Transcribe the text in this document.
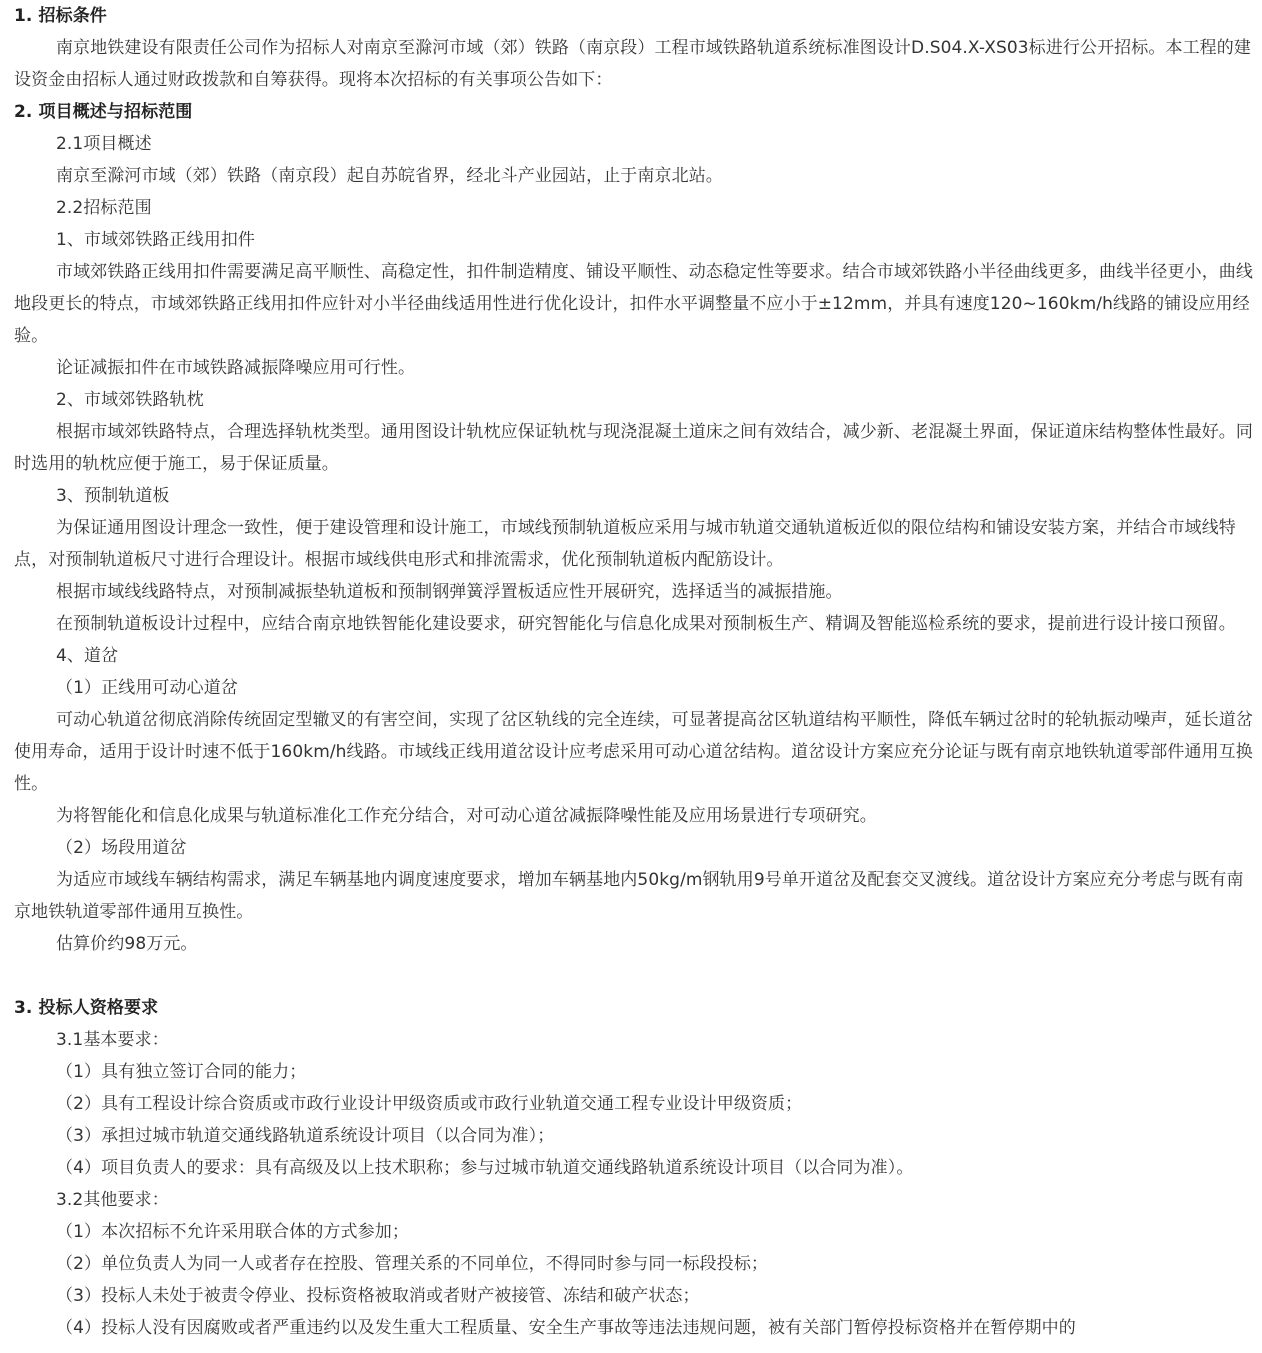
1. 招标条件

南京地铁建设有限责任公司作为招标人对南京至滁河市域（郊）铁路（南京段）工程市域铁路轨道系统标准图设计D.S04.X-XS03标进行公开招标。本工程的建设资金由招标人通过财政拨款和自筹获得。现将本次招标的有关事项公告如下：

2. 项目概述与招标范围

2.1项目概述

南京至滁河市域（郊）铁路（南京段）起自苏皖省界，经北斗产业园站，止于南京北站。

2.2招标范围

1、市域郊铁路正线用扣件

市域郊铁路正线用扣件需要满足高平顺性、高稳定性，扣件制造精度、铺设平顺性、动态稳定性等要求。结合市域郊铁路小半径曲线更多，曲线半径更小，曲线地段更长的特点，市域郊铁路正线用扣件应针对小半径曲线适用性进行优化设计，扣件水平调整量不应小于±12mm，并具有速度120~160km/h线路的铺设应用经验。

论证减振扣件在市域铁路减振降噪应用可行性。

2、市域郊铁路轨枕

根据市域郊铁路特点，合理选择轨枕类型。通用图设计轨枕应保证轨枕与现浇混凝土道床之间有效结合，减少新、老混凝土界面，保证道床结构整体性最好。同时选用的轨枕应便于施工，易于保证质量。

3、预制轨道板

为保证通用图设计理念一致性，便于建设管理和设计施工，市域线预制轨道板应采用与城市轨道交通轨道板近似的限位结构和铺设安装方案，并结合市域线特点，对预制轨道板尺寸进行合理设计。根据市域线供电形式和排流需求，优化预制轨道板内配筋设计。

根据市域线线路特点，对预制减振垫轨道板和预制钢弹簧浮置板适应性开展研究，选择适当的减振措施。

在预制轨道板设计过程中，应结合南京地铁智能化建设要求，研究智能化与信息化成果对预制板生产、精调及智能巡检系统的要求，提前进行设计接口预留。

4、道岔

（1）正线用可动心道岔

可动心轨道岔彻底消除传统固定型辙叉的有害空间，实现了岔区轨线的完全连续，可显著提高岔区轨道结构平顺性，降低车辆过岔时的轮轨振动噪声，延长道岔使用寿命，适用于设计时速不低于160km/h线路。市域线正线用道岔设计应考虑采用可动心道岔结构。道岔设计方案应充分论证与既有南京地铁轨道零部件通用互换性。

为将智能化和信息化成果与轨道标准化工作充分结合，对可动心道岔减振降噪性能及应用场景进行专项研究。

（2）场段用道岔

为适应市域线车辆结构需求，满足车辆基地内调度速度要求，增加车辆基地内50kg/m钢轨用9号单开道岔及配套交叉渡线。道岔设计方案应充分考虑与既有南京地铁轨道零部件通用互换性。

估算价约98万元。

3. 投标人资格要求

3.1基本要求：

（1）具有独立签订合同的能力；

（2）具有工程设计综合资质或市政行业设计甲级资质或市政行业轨道交通工程专业设计甲级资质；

（3）承担过城市轨道交通线路轨道系统设计项目（以合同为准）；

（4）项目负责人的要求：具有高级及以上技术职称；参与过城市轨道交通线路轨道系统设计项目（以合同为准）。

3.2其他要求：

（1）本次招标不允许采用联合体的方式参加；

（2）单位负责人为同一人或者存在控股、管理关系的不同单位，不得同时参与同一标段投标；

（3）投标人未处于被责令停业、投标资格被取消或者财产被接管、冻结和破产状态；

（4）投标人没有因腐败或者严重违约以及发生重大工程质量、安全生产事故等违法违规问题，被有关部门暂停投标资格并在暂停期中的
